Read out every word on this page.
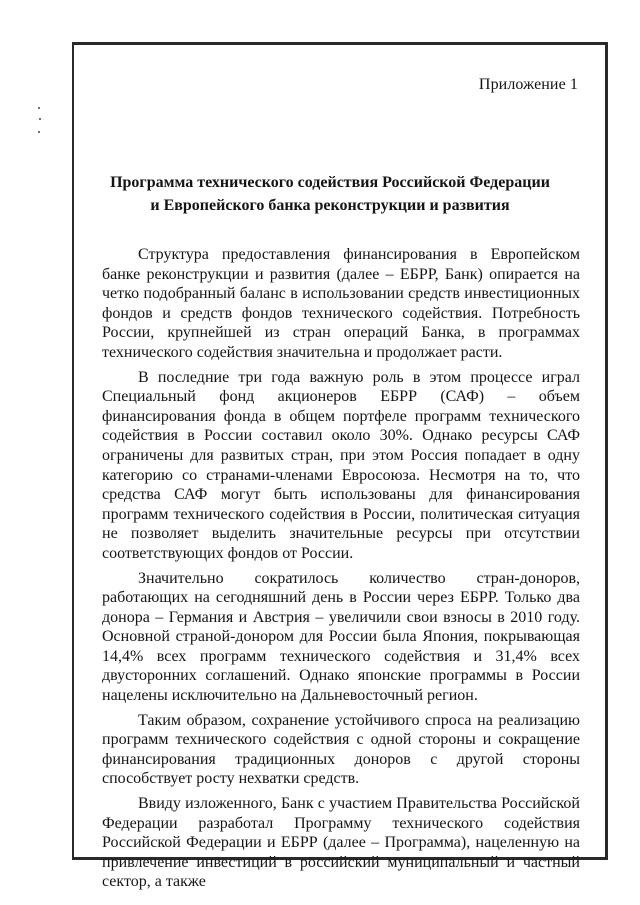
Приложение 1
Программа технического содействия Российской Федерации
и Европейского банка реконструкции и развития

Структура предоставления финансирования в Европейском банке реконструкции и развития (далее – ЕБРР, Банк) опирается на четко подобранный баланс в использовании средств инвестиционных фондов и средств фондов технического содействия. Потребность России, крупнейшей из стран операций Банка, в программах технического содействия значительна и продолжает расти.

В последние три года важную роль в этом процессе играл Специальный фонд акционеров ЕБРР (САФ) – объем финансирования фонда в общем портфеле программ технического содействия в России составил около 30%. Однако ресурсы САФ ограничены для развитых стран, при этом Россия попадает в одну категорию со странами-членами Евросоюза. Несмотря на то, что средства САФ могут быть использованы для финансирования программ технического содействия в России, политическая ситуация не позволяет выделить значительные ресурсы при отсутствии соответствующих фондов от России.

Значительно сократилось количество стран-доноров, работающих на сегодняшний день в России через ЕБРР. Только два донора – Германия и Австрия – увеличили свои взносы в 2010 году. Основной страной-донором для России была Япония, покрывающая 14,4% всех программ технического содействия и 31,4% всех двусторонних соглашений. Однако японские программы в России нацелены исключительно на Дальневосточный регион.

Таким образом, сохранение устойчивого спроса на реализацию программ технического содействия с одной стороны и сокращение финансирования традиционных доноров с другой стороны способствует росту нехватки средств.

Ввиду изложенного, Банк с участием Правительства Российской Федерации разработал Программу технического содействия Российской Федерации и ЕБРР (далее – Программа), нацеленную на привлечение инвестиций в российский муниципальный и частный сектор, а также
